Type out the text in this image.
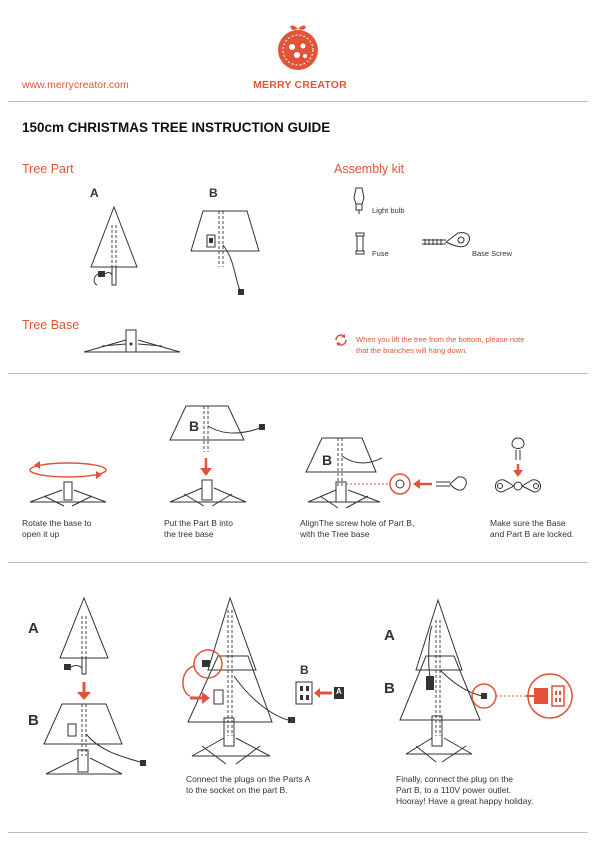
www.merrycreator.com	MERRY CREATOR
150cm CHRISTMAS TREE INSTRUCTION GUIDE
Tree Part
A	B
Assembly kit
Light bulb
Fuse	Base Screw
Tree Base
When you lift the tree from the bottom, please note
that the branches will hang down.
Rotate the base to
open it up
B
Put the Part B into
the tree base
B
AlignThe screw hole of Part B,
with the Tree base
Make sure the Base
and Part B are locked.
A
B
B
A
Connect the plugs on the Parts A
to the socket on the part B.
A
B
Finally, connect the plug on the
Part B, to a 110V power outlet.
Hooray! Have a great happy holiday.
